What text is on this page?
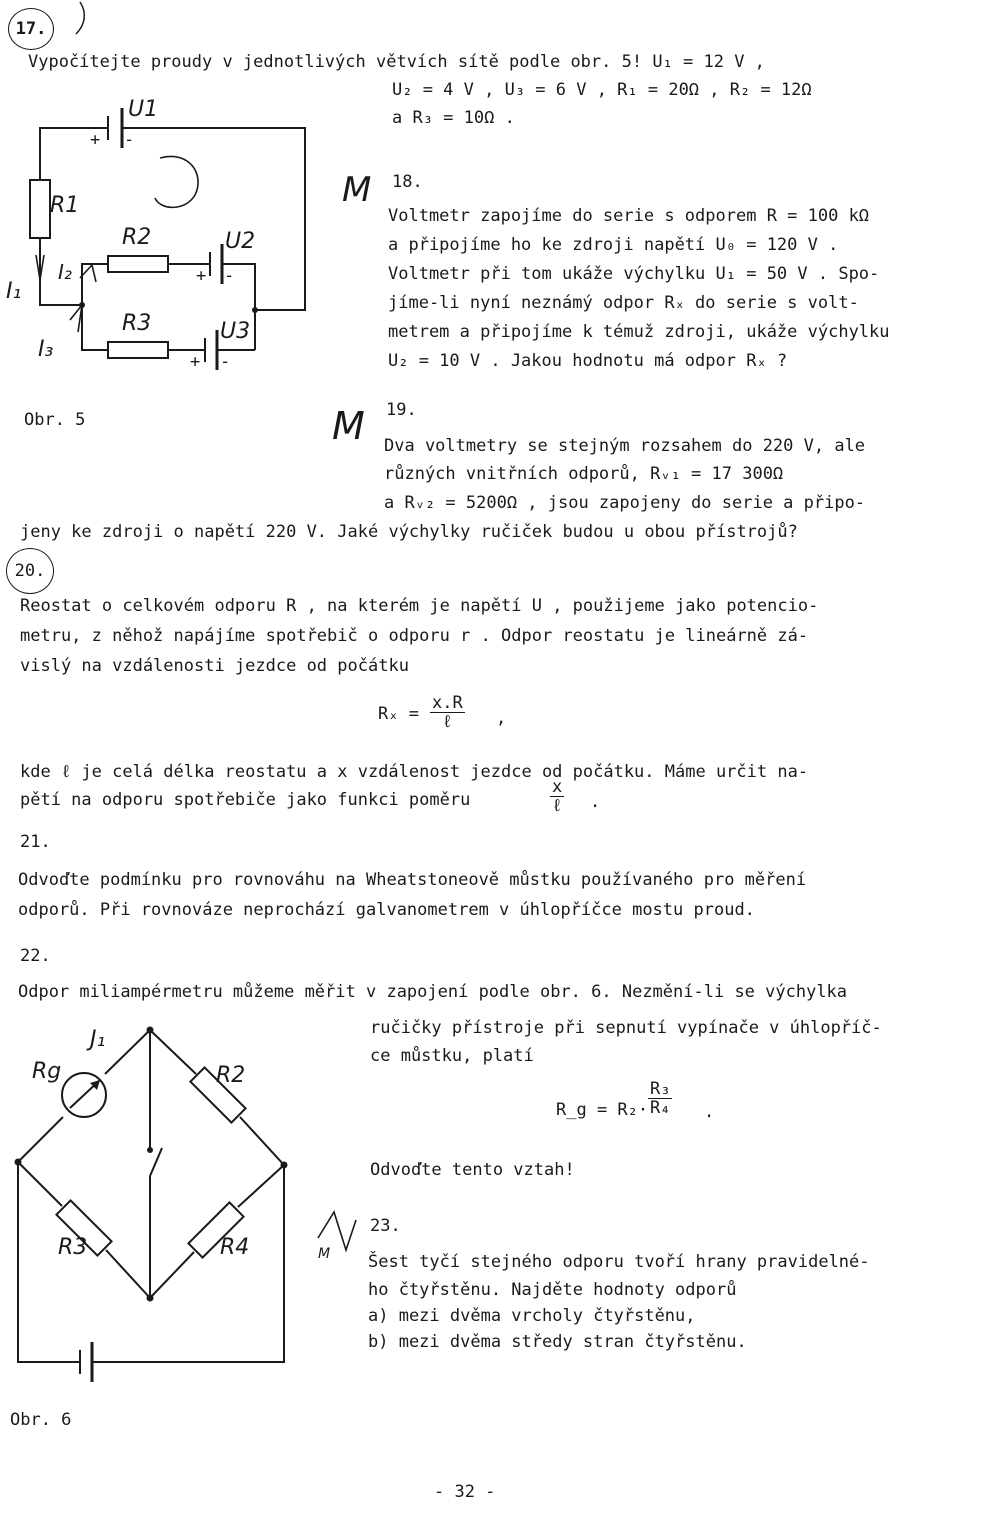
17.
Vypočítejte proudy v jednotlivých větvích sítě podle obr. 5! U₁ = 12 V ,
U₂ = 4 V , U₃ = 6 V , R₁ = 20Ω , R₂ = 12Ω
a R₃ = 10Ω .
U1
+ -
R1
R2	U2
+ -
R3	U3
+ -
I₁
I₂
I₃
Obr. 5
M 18.
Voltmetr zapojíme do serie s odporem R = 100 kΩ
a připojíme ho ke zdroji napětí U₀ = 120 V .
Voltmetr při tom ukáže výchylku U₁ = 50 V . Spo-
jíme-li nyní neznámý odpor Rₓ do serie s volt-
metrem a připojíme k témuž zdroji, ukáže výchylku
U₂ = 10 V . Jakou hodnotu má odpor Rₓ ?
M 19.
Dva voltmetry se stejným rozsahem do 220 V, ale
různých vnitřních odporů, Rᵥ₁ = 17 300Ω
a Rᵥ₂ = 5200Ω , jsou zapojeny do serie a připo-
jeny ke zdroji o napětí 220 V. Jaké výchylky ručiček budou u obou přístrojů?
20.
Reostat o celkovém odporu R , na kterém je napětí U , použijeme jako potencio-
metru, z něhož napájíme spotřebič o odporu r . Odpor reostatu je lineárně zá-
vislý na vzdálenosti jezdce od počátku
Rₓ =
x.R
ℓ	,
kde ℓ je celá délka reostatu a x vzdálenost jezdce od počátku. Máme určit na-
pětí na odporu spotřebiče jako funkci poměru
x
ℓ .
21.
Odvoďte podmínku pro rovnováhu na Wheatstoneově můstku používaného pro měření
odporů. Při rovnováze neprochází galvanometrem v úhlopříčce mostu proud.
22.
Odpor miliampérmetru můžeme měřit v zapojení podle obr. 6. Nezmění-li se výchylka
ručičky přístroje při sepnutí vypínače v úhlopříč-
ce můstku, platí
R_g = $R_2\cdot \frac{\text{R₃}}{\text{R₄}}$ .
Odvoďte tento vztah!
J₁
Rg	R2
R3	R4
Obr. 6
M
23.
Šest tyčí stejného odporu tvoří hrany pravidelné-
ho čtyřstěnu. Najděte hodnoty odporů
a) mezi dvěma vrcholy čtyřstěnu,
b) mezi dvěma středy stran čtyřstěnu.
- 32 -
